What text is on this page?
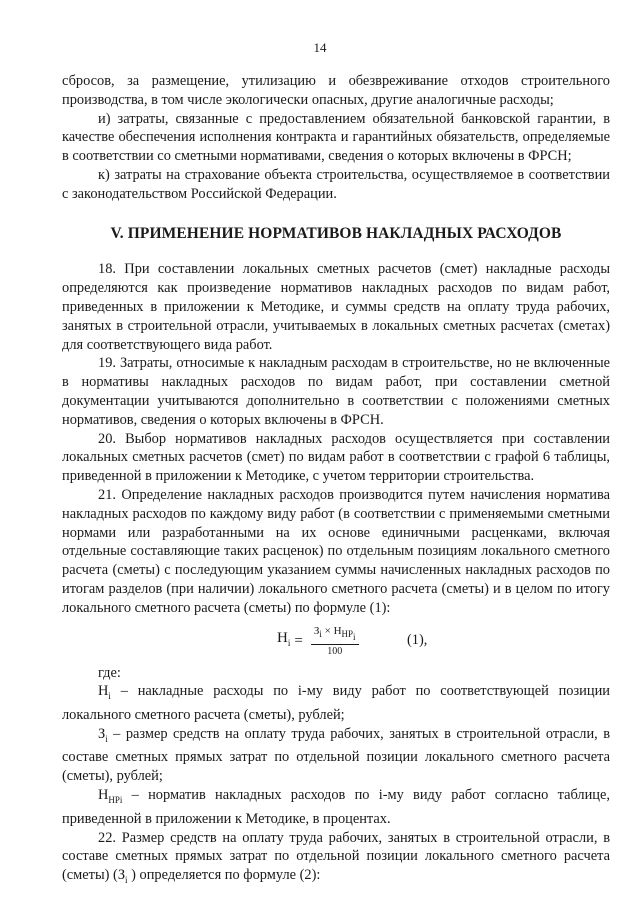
14

сбросов, за размещение, утилизацию и обезвреживание отходов строительного производства, в том числе экологически опасных, другие аналогичные расходы;

и) затраты, связанные с предоставлением обязательной банковской гарантии, в качестве обеспечения исполнения контракта и гарантийных обязательств, определяемые в соответствии со сметными нормативами, сведения о которых включены в ФРСН;

к) затраты на страхование объекта строительства, осуществляемое в соответствии с законодательством Российской Федерации.

V. ПРИМЕНЕНИЕ НОРМАТИВОВ НАКЛАДНЫХ РАСХОДОВ

18. При составлении локальных сметных расчетов (смет) накладные расходы определяются как произведение нормативов накладных расходов по видам работ, приведенных в приложении к Методике, и суммы средств на оплату труда рабочих, занятых в строительной отрасли, учитываемых в локальных сметных расчетах (сметах) для соответствующего вида работ.

19. Затраты, относимые к накладным расходам в строительстве, но не включенные в нормативы накладных расходов по видам работ, при составлении сметной документации учитываются дополнительно в соответствии с положениями сметных нормативов, сведения о которых включены в ФРСН.

20. Выбор нормативов накладных расходов осуществляется при составлении локальных сметных расчетов (смет) по видам работ в соответствии с графой 6 таблицы, приведенной в приложении к Методике, с учетом территории строительства.

21. Определение накладных расходов производится путем начисления норматива накладных расходов по каждому виду работ (в соответствии с применяемыми сметными нормами или разработанными на их основе единичными расценками, включая отдельные составляющие таких расценок) по отдельным позициям локального сметного расчета (сметы) с последующим указанием суммы начисленных накладных расходов по итогам разделов (при наличии) локального сметного расчета (сметы) и в целом по итогу локального сметного расчета (сметы) по формуле (1):

$Н_i = \frac{З_i \times Н_{НР_i}}{100}$	(1),

где:

$Н_i$ – накладные расходы по i-му виду работ по соответствующей позиции локального сметного расчета (сметы), рублей;

$З_i$ – размер средств на оплату труда рабочих, занятых в строительной отрасли, в составе сметных прямых затрат по отдельной позиции локального сметного расчета (сметы), рублей;

$Н_{НРi}$ – норматив накладных расходов по i-му виду работ согласно таблице, приведенной в приложении к Методике, в процентах.

22. Размер средств на оплату труда рабочих, занятых в строительной отрасли, в составе сметных прямых затрат по отдельной позиции локального сметного расчета (сметы) ($З_i$ ) определяется по формуле (2):
